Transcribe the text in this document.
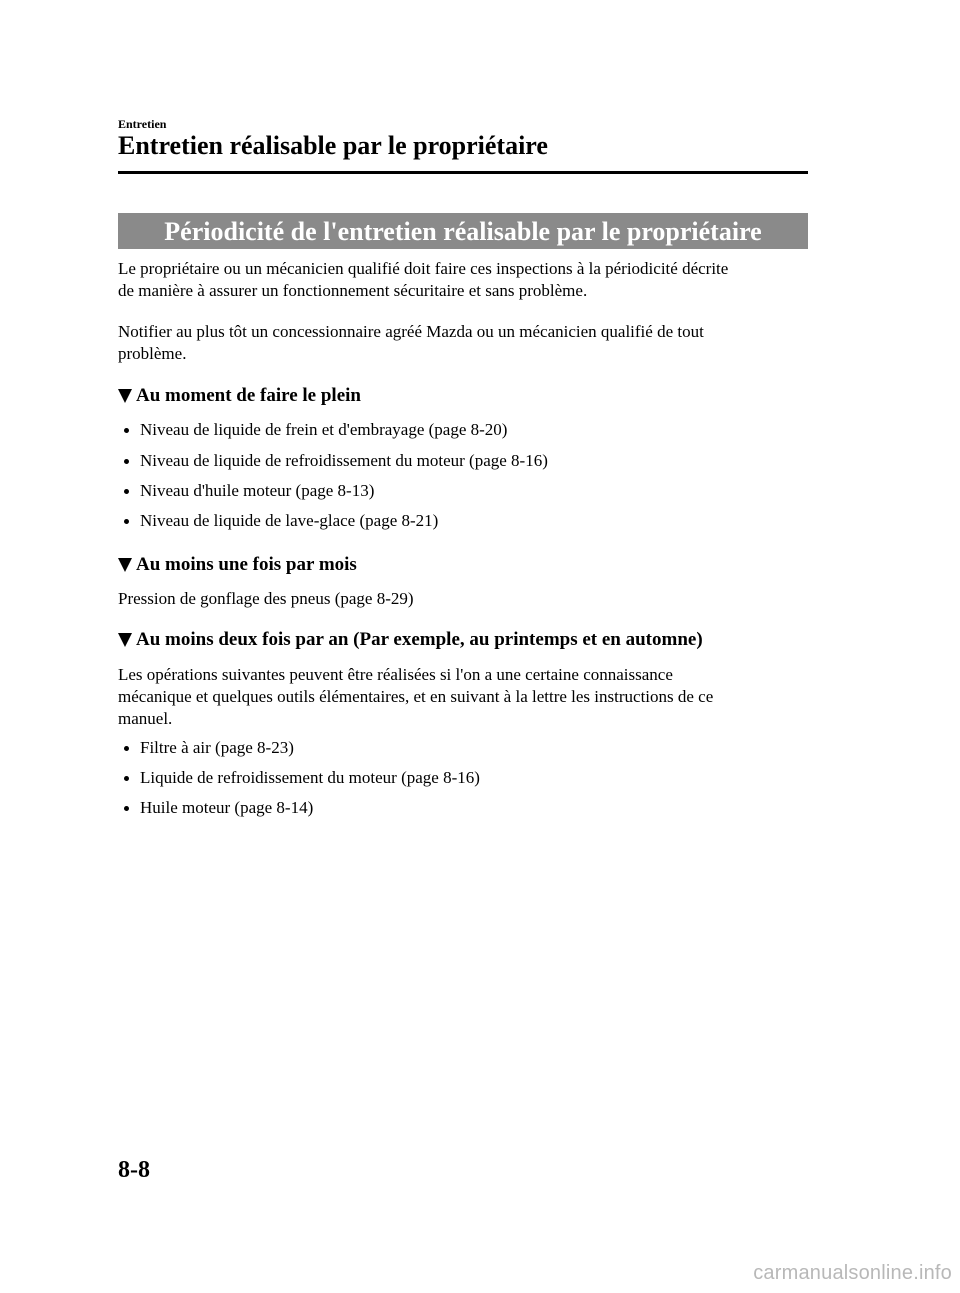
Entretien
Entretien réalisable par le propriétaire
Périodicité de l'entretien réalisable par le propriétaire
Le propriétaire ou un mécanicien qualifié doit faire ces inspections à la périodicité décrite
de manière à assurer un fonctionnement sécuritaire et sans problème.
Notifier au plus tôt un concessionnaire agréé Mazda ou un mécanicien qualifié de tout
problème.
Au moment de faire le plein
Niveau de liquide de frein et d'embrayage (page 8-20)
Niveau de liquide de refroidissement du moteur (page 8-16)
Niveau d'huile moteur (page 8-13)
Niveau de liquide de lave-glace (page 8-21)
Au moins une fois par mois
Pression de gonflage des pneus (page 8-29)
Au moins deux fois par an (Par exemple, au printemps et en automne)
Les opérations suivantes peuvent être réalisées si l'on a une certaine connaissance
mécanique et quelques outils élémentaires, et en suivant à la lettre les instructions de ce
manuel.
Filtre à air (page 8-23)
Liquide de refroidissement du moteur (page 8-16)
Huile moteur (page 8-14)
8-8
carmanualsonline.info
